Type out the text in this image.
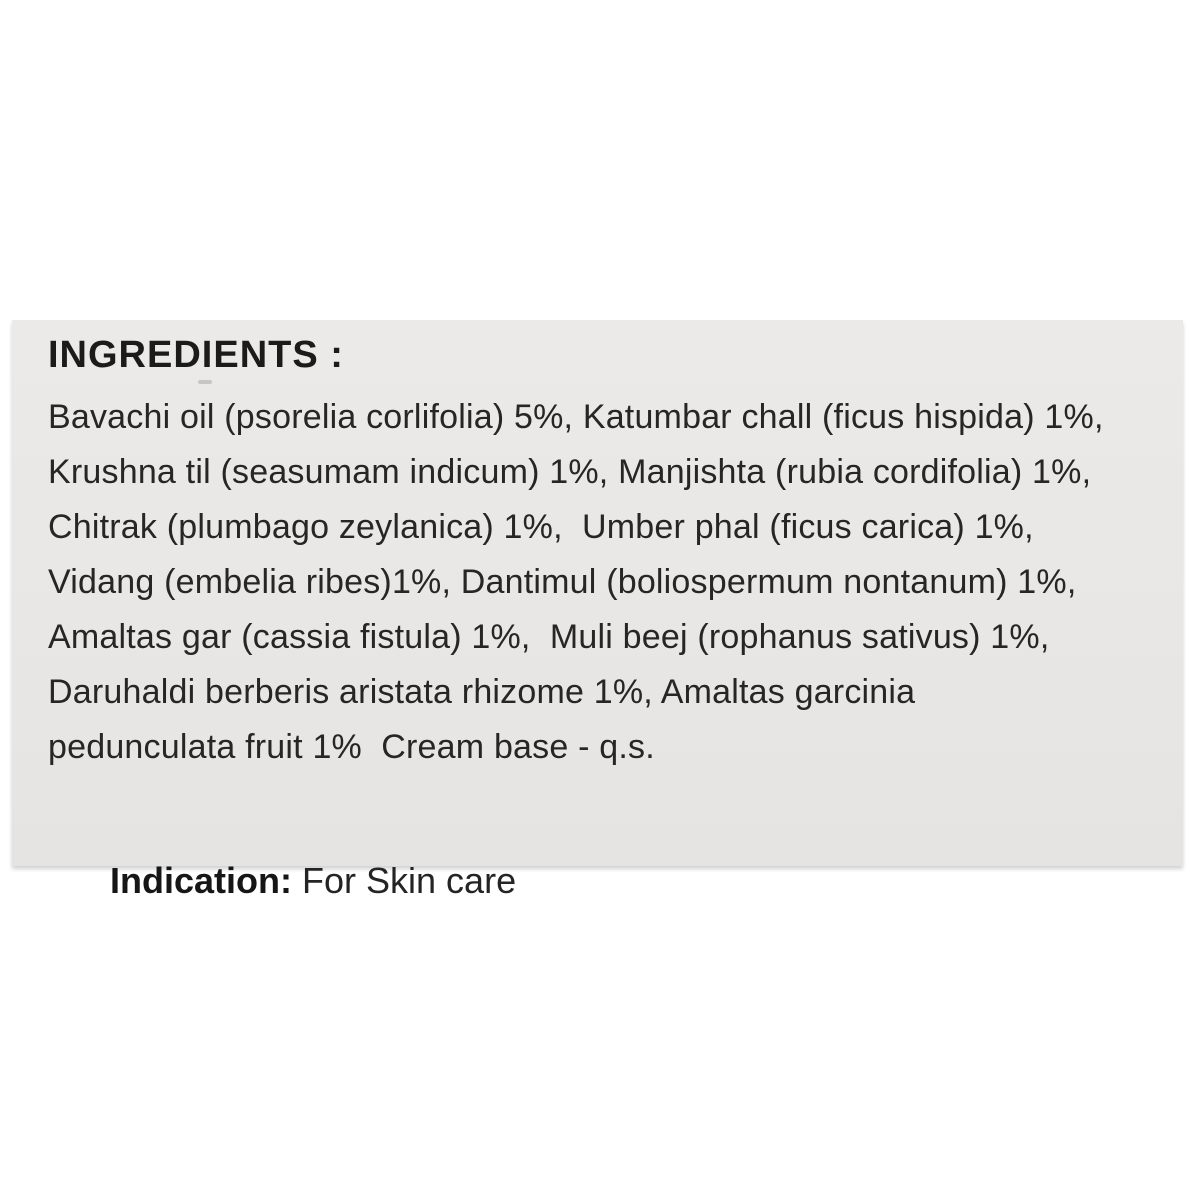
INGREDIENTS :
Bavachi oil (psorelia corlifolia) 5%, Katumbar chall (ficus hispida) 1%,
Krushna til (seasumam indicum) 1%, Manjishta (rubia cordifolia) 1%,
Chitrak (plumbago zeylanica) 1%,  Umber phal (ficus carica) 1%,
Vidang (embelia ribes)1%, Dantimul (boliospermum nontanum) 1%,
Amaltas gar (cassia fistula) 1%,  Muli beej (rophanus sativus) 1%,
Daruhaldi berberis aristata rhizome 1%, Amaltas garcinia
pedunculata fruit 1%  Cream base - q.s.

Indication: For Skin care
